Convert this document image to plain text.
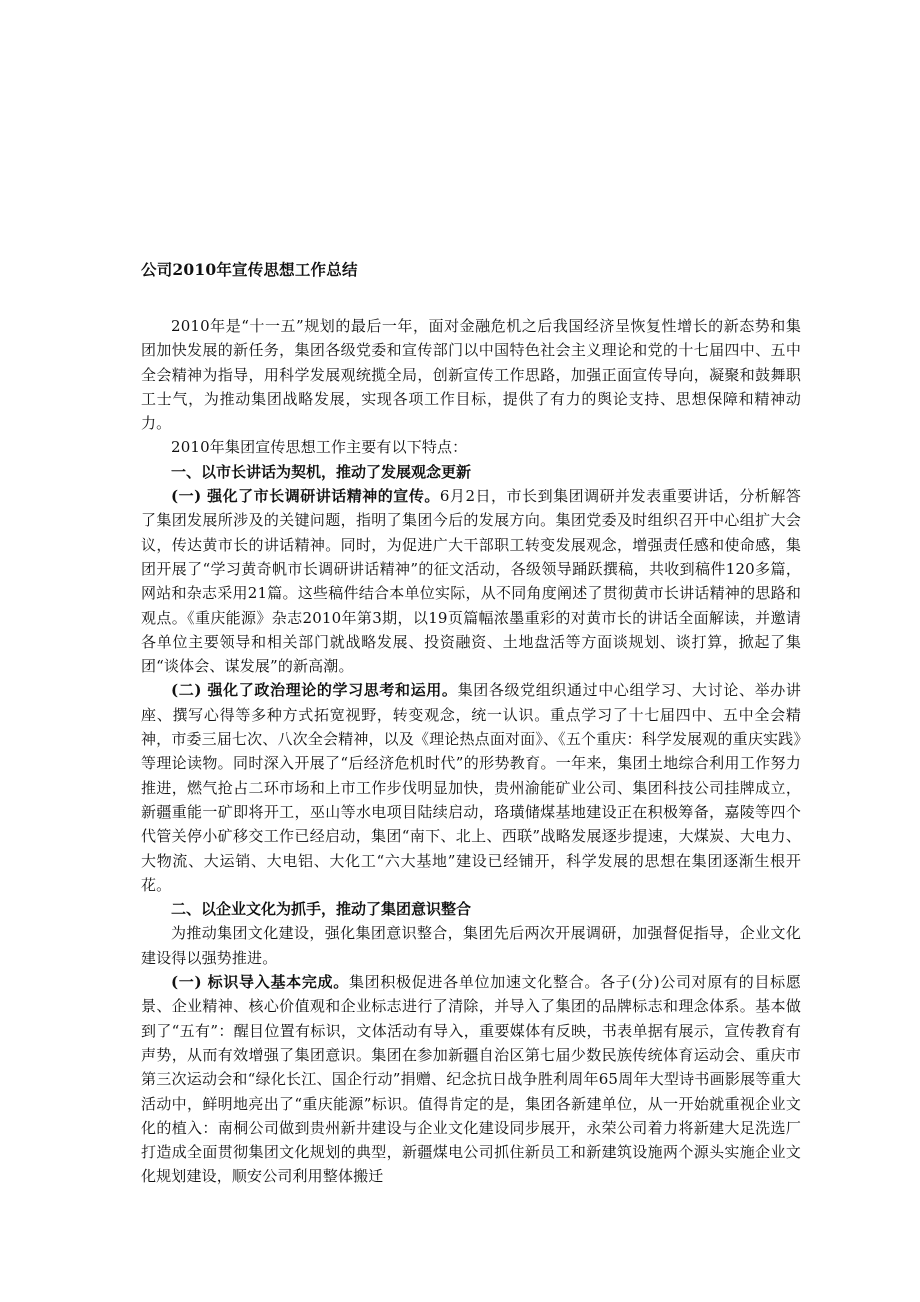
公司2010年宣传思想工作总结

2010年是“十一五”规划的最后一年，面对金融危机之后我国经济呈恢复性增长的新态势和集团加快发展的新任务，集团各级党委和宣传部门以中国特色社会主义理论和党的十七届四中、五中全会精神为指导，用科学发展观统揽全局，创新宣传工作思路，加强正面宣传导向，凝聚和鼓舞职工士气，为推动集团战略发展，实现各项工作目标，提供了有力的舆论支持、思想保障和精神动力。

2010年集团宣传思想工作主要有以下特点：

一、以市长讲话为契机，推动了发展观念更新

(一) 强化了市长调研讲话精神的宣传。6月2日，市长到集团调研并发表重要讲话，分析解答了集团发展所涉及的关键问题，指明了集团今后的发展方向。集团党委及时组织召开中心组扩大会议，传达黄市长的讲话精神。同时，为促进广大干部职工转变发展观念，增强责任感和使命感，集团开展了“学习黄奇帆市长调研讲话精神”的征文活动，各级领导踊跃撰稿，共收到稿件120多篇，网站和杂志采用21篇。这些稿件结合本单位实际，从不同角度阐述了贯彻黄市长讲话精神的思路和观点。《重庆能源》杂志2010年第3期，以19页篇幅浓墨重彩的对黄市长的讲话全面解读，并邀请各单位主要领导和相关部门就战略发展、投资融资、土地盘活等方面谈规划、谈打算，掀起了集团“谈体会、谋发展”的新高潮。

(二) 强化了政治理论的学习思考和运用。集团各级党组织通过中心组学习、大讨论、举办讲座、撰写心得等多种方式拓宽视野，转变观念，统一认识。重点学习了十七届四中、五中全会精神，市委三届七次、八次全会精神，以及《理论热点面对面》、《五个重庆：科学发展观的重庆实践》等理论读物。同时深入开展了“后经济危机时代”的形势教育。一年来，集团土地综合利用工作努力推进，燃气抢占二环市场和上市工作步伐明显加快，贵州渝能矿业公司、集团科技公司挂牌成立，新疆重能一矿即将开工，巫山等水电项目陆续启动，珞璜储煤基地建设正在积极筹备，嘉陵等四个代管关停小矿移交工作已经启动，集团“南下、北上、西联”战略发展逐步提速，大煤炭、大电力、大物流、大运销、大电铝、大化工“六大基地”建设已经铺开，科学发展的思想在集团逐渐生根开花。

二、以企业文化为抓手，推动了集团意识整合

为推动集团文化建设，强化集团意识整合，集团先后两次开展调研，加强督促指导，企业文化建设得以强势推进。

(一) 标识导入基本完成。集团积极促进各单位加速文化整合。各子(分)公司对原有的目标愿景、企业精神、核心价值观和企业标志进行了清除，并导入了集团的品牌标志和理念体系。基本做到了“五有”：醒目位置有标识，文体活动有导入，重要媒体有反映，书表单据有展示，宣传教育有声势，从而有效增强了集团意识。集团在参加新疆自治区第七届少数民族传统体育运动会、重庆市第三次运动会和“绿化长江、国企行动”捐赠、纪念抗日战争胜利周年65周年大型诗书画影展等重大活动中，鲜明地亮出了“重庆能源”标识。值得肯定的是，集团各新建单位，从一开始就重视企业文化的植入：南桐公司做到贵州新井建设与企业文化建设同步展开，永荣公司着力将新建大足洗选厂打造成全面贯彻集团文化规划的典型，新疆煤电公司抓住新员工和新建筑设施两个源头实施企业文化规划建设，顺安公司利用整体搬迁
